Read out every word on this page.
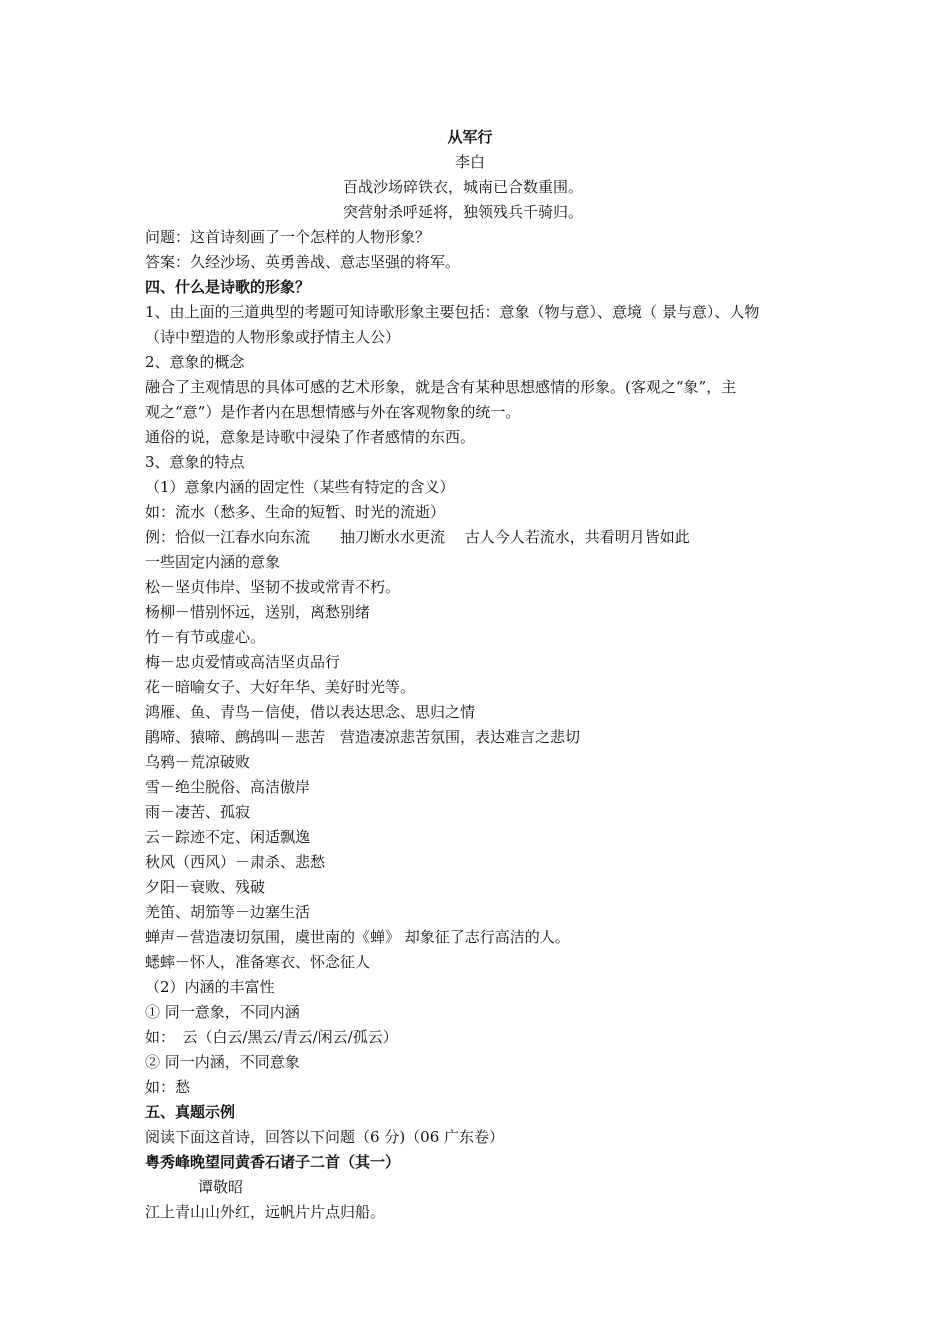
从军行
李白
百战沙场碎铁衣，城南已合数重围。
突营射杀呼延将，独领残兵千骑归。
问题：这首诗刻画了一个怎样的人物形象？
答案：久经沙场、英勇善战、意志坚强的将军。
四、什么是诗歌的形象？
1、由上面的三道典型的考题可知诗歌形象主要包括：意象（物与意）、意境（ 景与意）、人物
（诗中塑造的人物形象或抒情主人公）
2、意象的概念
融合了主观情思的具体可感的艺术形象，就是含有某种思想感情的形象。(客观之“象”，主
观之“意”）是作者内在思想情感与外在客观物象的统一。
通俗的说，意象是诗歌中浸染了作者感情的东西。
3、意象的特点
（1）意象内涵的固定性（某些有特定的含义）
如：流水（愁多、生命的短暂、时光的流逝）
例：恰似一江春水向东流　　抽刀断水水更流　 古人今人若流水，共看明月皆如此
一些固定内涵的意象
松－坚贞伟岸、坚韧不拔或常青不朽。
杨柳－惜别怀远，送别，离愁别绪
竹－有节或虚心。
梅－忠贞爱情或高洁坚贞品行
花－暗喻女子、大好年华、美好时光等。
鸿雁、鱼、青鸟－信使，借以表达思念、思归之情
鹃啼、猿啼、鹧鸪叫－悲苦　营造凄凉悲苦氛围，表达难言之悲切
乌鸦－荒凉破败
雪－绝尘脱俗、高洁傲岸
雨－凄苦、孤寂
云－踪迹不定、闲适飘逸
秋风（西风）－肃杀、悲愁
夕阳－衰败、残破
羌笛、胡笳等－边塞生活
蝉声－营造凄切氛围，虞世南的《蝉》 却象征了志行高洁的人。
蟋蟀－怀人，准备寒衣、怀念征人
（2）内涵的丰富性
① 同一意象，不同内涵
如：　云（白云/黑云/青云/闲云/孤云）
② 同一内涵，不同意象
如：愁
五、真题示例
阅读下面这首诗，回答以下问题（6 分)（06 广东卷）
粤秀峰晚望同黄香石诸子二首（其一）
谭敬昭
江上青山山外红，远帆片片点归船。
